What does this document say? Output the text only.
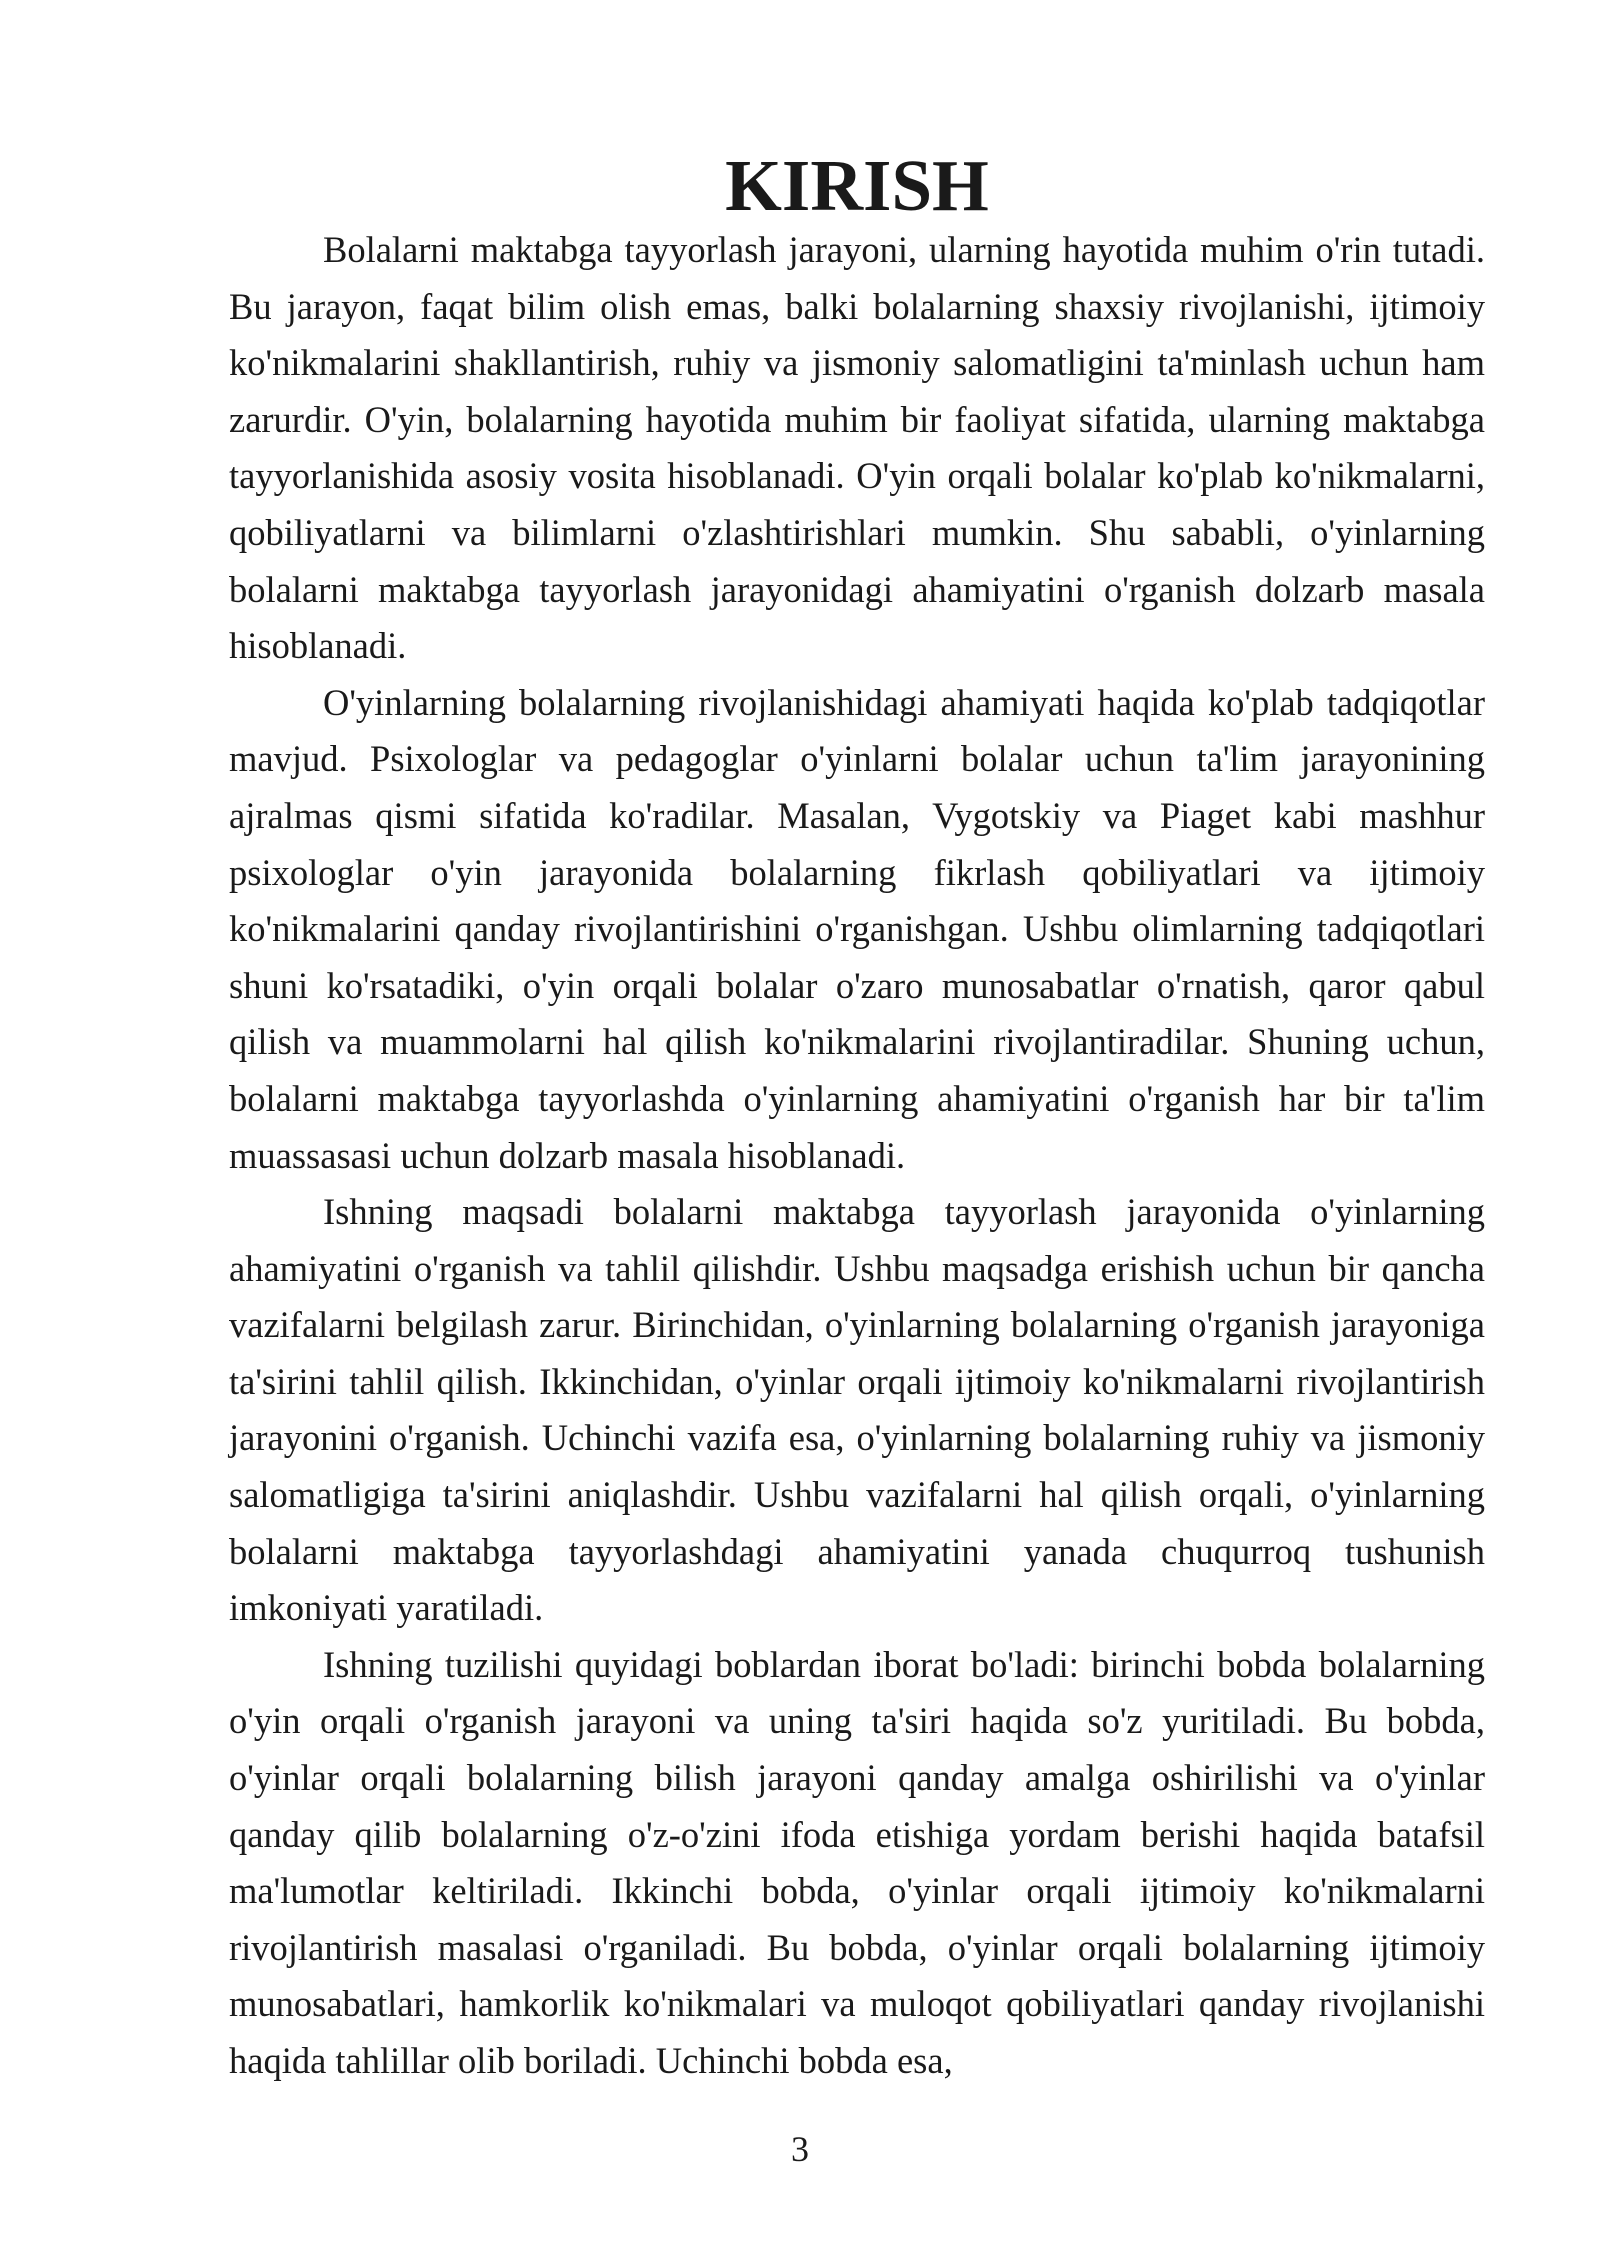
KIRISH

Bolalarni maktabga tayyorlash jarayoni, ularning hayotida muhim o'rin tutadi. Bu jarayon, faqat bilim olish emas, balki bolalarning shaxsiy rivojlanishi, ijtimoiy ko'nikmalarini shakllantirish, ruhiy va jismoniy salomatligini ta'minlash uchun ham zarurdir. O'yin, bolalarning hayotida muhim bir faoliyat sifatida, ularning maktabga tayyorlanishida asosiy vosita hisoblanadi. O'yin orqali bolalar ko'plab ko'nikmalarni, qobiliyatlarni va bilimlarni o'zlashtirishlari mumkin. Shu sababli, o'yinlarning bolalarni maktabga tayyorlash jarayonidagi ahamiyatini o'rganish dolzarb masala hisoblanadi.

O'yinlarning bolalarning rivojlanishidagi ahamiyati haqida ko'plab tadqiqotlar mavjud. Psixologlar va pedagoglar o'yinlarni bolalar uchun ta'lim jarayonining ajralmas qismi sifatida ko'radilar. Masalan, Vygotskiy va Piaget kabi mashhur psixologlar o'yin jarayonida bolalarning fikrlash qobiliyatlari va ijtimoiy ko'nikmalarini qanday rivojlantirishini o'rganishgan. Ushbu olimlarning tadqiqotlari shuni ko'rsatadiki, o'yin orqali bolalar o'zaro munosabatlar o'rnatish, qaror qabul qilish va muammolarni hal qilish ko'nikmalarini rivojlantiradilar. Shuning uchun, bolalarni maktabga tayyorlashda o'yinlarning ahamiyatini o'rganish har bir ta'lim muassasasi uchun dolzarb masala hisoblanadi.

Ishning maqsadi bolalarni maktabga tayyorlash jarayonida o'yinlarning ahamiyatini o'rganish va tahlil qilishdir. Ushbu maqsadga erishish uchun bir qancha vazifalarni belgilash zarur. Birinchidan, o'yinlarning bolalarning o'rganish jarayoniga ta'sirini tahlil qilish. Ikkinchidan, o'yinlar orqali ijtimoiy ko'nikmalarni rivojlantirish jarayonini o'rganish. Uchinchi vazifa esa, o'yinlarning bolalarning ruhiy va jismoniy salomatligiga ta'sirini aniqlashdir. Ushbu vazifalarni hal qilish orqali, o'yinlarning bolalarni maktabga tayyorlashdagi ahamiyatini yanada chuqurroq tushunish imkoniyati yaratiladi.

Ishning tuzilishi quyidagi boblardan iborat bo'ladi: birinchi bobda bolalarning o'yin orqali o'rganish jarayoni va uning ta'siri haqida so'z yuritiladi. Bu bobda, o'yinlar orqali bolalarning bilish jarayoni qanday amalga oshirilishi va o'yinlar qanday qilib bolalarning o'z-o'zini ifoda etishiga yordam berishi haqida batafsil ma'lumotlar keltiriladi. Ikkinchi bobda, o'yinlar orqali ijtimoiy ko'nikmalarni rivojlantirish masalasi o'rganiladi. Bu bobda, o'yinlar orqali bolalarning ijtimoiy munosabatlari, hamkorlik ko'nikmalari va muloqot qobiliyatlari qanday rivojlanishi haqida tahlillar olib boriladi. Uchinchi bobda esa,

3
